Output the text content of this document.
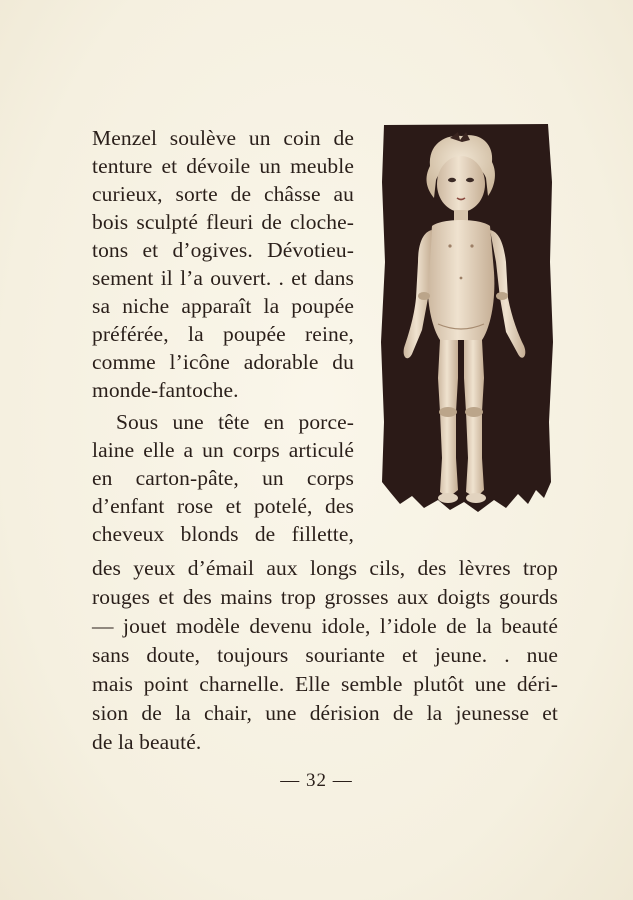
Menzel soulève un coin de
tenture et dévoile un meuble
curieux, sorte de châsse au
bois sculpté fleuri de cloche-
tons et d’ogives. Dévotieu-
sement il l’a ouvert. . et dans
sa niche apparaît la poupée
préférée, la poupée reine,
comme l’icône adorable du
monde-fantoche.
Sous une tête en porce-
laine elle a un corps articulé
en carton-pâte, un corps
d’enfant rose et potelé, des
cheveux blonds de fillette,
des yeux d’émail aux longs cils, des lèvres trop
rouges et des mains trop grosses aux doigts gourds
— jouet modèle devenu idole, l’idole de la beauté
sans doute, toujours souriante et jeune. . nue
mais point charnelle. Elle semble plutôt une déri-
sion de la chair, une dérision de la jeunesse et
de la beauté.
— 32 —
